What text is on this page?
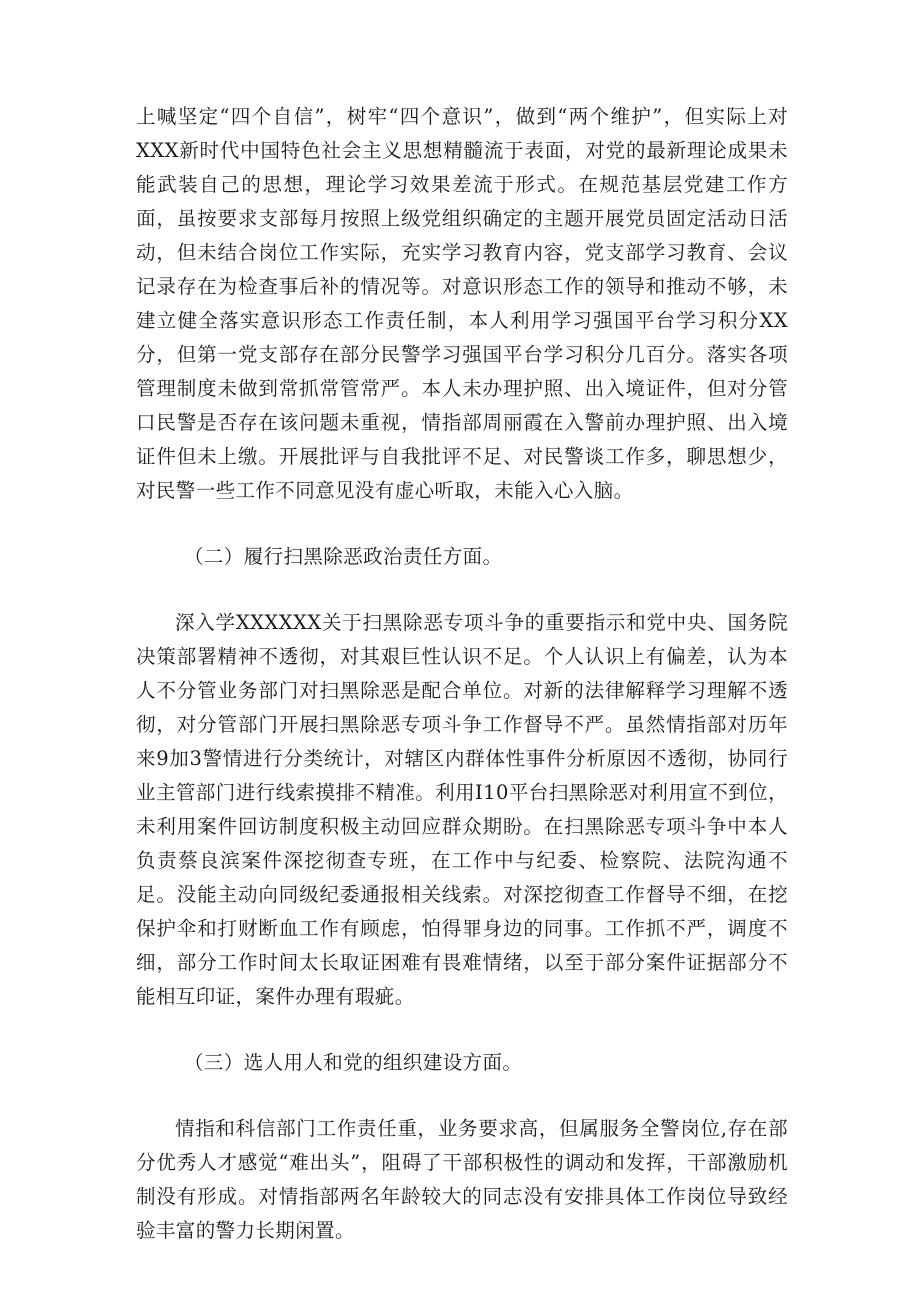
上喊坚定“四个自信”，树牢“四个意识”，做到“两个维护”，但实际上对XXX新时代中国特色社会主义思想精髓流于表面，对党的最新理论成果未能武装自己的思想，理论学习效果差流于形式。在规范基层党建工作方面，虽按要求支部每月按照上级党组织确定的主题开展党员固定活动日活动，但未结合岗位工作实际，充实学习教育内容，党支部学习教育、会议记录存在为检查事后补的情况等。对意识形态工作的领导和推动不够，未建立健全落实意识形态工作责任制，本人利用学习强国平台学习积分XX分，但第一党支部存在部分民警学习强国平台学习积分几百分。落实各项管理制度未做到常抓常管常严。本人未办理护照、出入境证件，但对分管口民警是否存在该问题未重视，情指部周丽霞在入警前办理护照、出入境证件但未上缴。开展批评与自我批评不足、对民警谈工作多，聊思想少，对民警一些工作不同意见没有虚心听取，未能入心入脑。

（二）履行扫黑除恶政治责任方面。

深入学XXXXXX关于扫黑除恶专项斗争的重要指示和党中央、国务院决策部署精神不透彻，对其艰巨性认识不足。个人认识上有偏差，认为本人不分管业务部门对扫黑除恶是配合单位。对新的法律解释学习理解不透彻，对分管部门开展扫黑除恶专项斗争工作督导不严。虽然情指部对历年来9加3警情进行分类统计，对辖区内群体性事件分析原因不透彻，协同行业主管部门进行线索摸排不精准。利用I10平台扫黑除恶对利用宣不到位，未利用案件回访制度积极主动回应群众期盼。在扫黑除恶专项斗争中本人负责蔡良滨案件深挖彻查专班，在工作中与纪委、检察院、法院沟通不足。没能主动向同级纪委通报相关线索。对深挖彻查工作督导不细，在挖保护伞和打财断血工作有顾虑，怕得罪身边的同事。工作抓不严，调度不细，部分工作时间太长取证困难有畏难情绪，以至于部分案件证据部分不能相互印证，案件办理有瑕疵。

（三）选人用人和党的组织建设方面。

情指和科信部门工作责任重，业务要求高，但属服务全警岗位,存在部分优秀人才感觉“难出头”，阻碍了干部积极性的调动和发挥，干部激励机制没有形成。对情指部两名年龄较大的同志没有安排具体工作岗位导致经验丰富的警力长期闲置。
